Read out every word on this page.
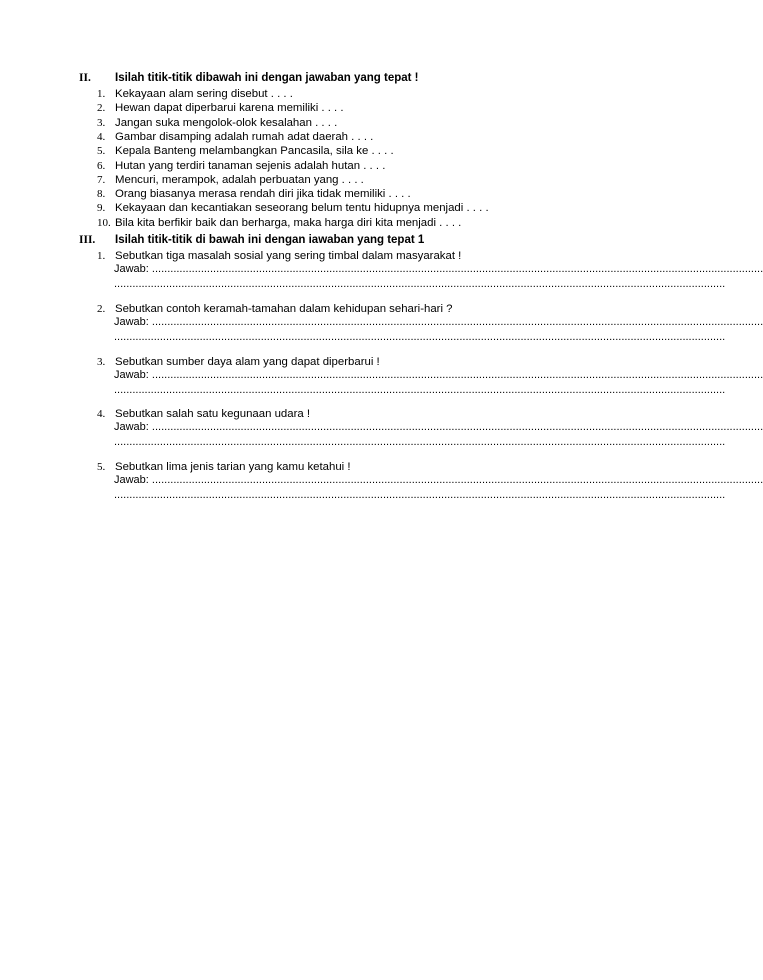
II. Isilah titik-titik dibawah ini dengan jawaban yang tepat !
1. Kekayaan alam sering disebut . . . .
2. Hewan dapat diperbarui karena memiliki . . . .
3. Jangan suka mengolok-olok kesalahan . . . .
4. Gambar disamping adalah rumah adat daerah . . . .
5. Kepala Banteng melambangkan Pancasila, sila ke . . . .
6. Hutan yang terdiri tanaman sejenis adalah hutan . . . .
7. Mencuri, merampok, adalah perbuatan yang . . . .
8. Orang biasanya merasa rendah diri jika tidak memiliki . . . .
9. Kekayaan dan kecantiakan seseorang belum tentu hidupnya menjadi . . . .
10. Bila kita berfikir baik dan berharga, maka harga diri kita menjadi . . . .
III. Isilah titik-titik di bawah ini dengan iawaban yang tepat 1
1. Sebutkan tiga masalah sosial yang sering timbal dalam masyarakat !
Jawab: ........................................................................................................................................................................................................
........................................................................................................................................................................................................
2. Sebutkan contoh keramah-tamahan dalam kehidupan sehari-hari ?
Jawab: ........................................................................................................................................................................................................
........................................................................................................................................................................................................
3. Sebutkan sumber daya alam yang dapat diperbarui !
Jawab: ........................................................................................................................................................................................................
........................................................................................................................................................................................................
4. Sebutkan salah satu kegunaan udara !
Jawab: ........................................................................................................................................................................................................
........................................................................................................................................................................................................
5. Sebutkan lima jenis tarian yang kamu ketahui !
Jawab: ........................................................................................................................................................................................................
........................................................................................................................................................................................................
